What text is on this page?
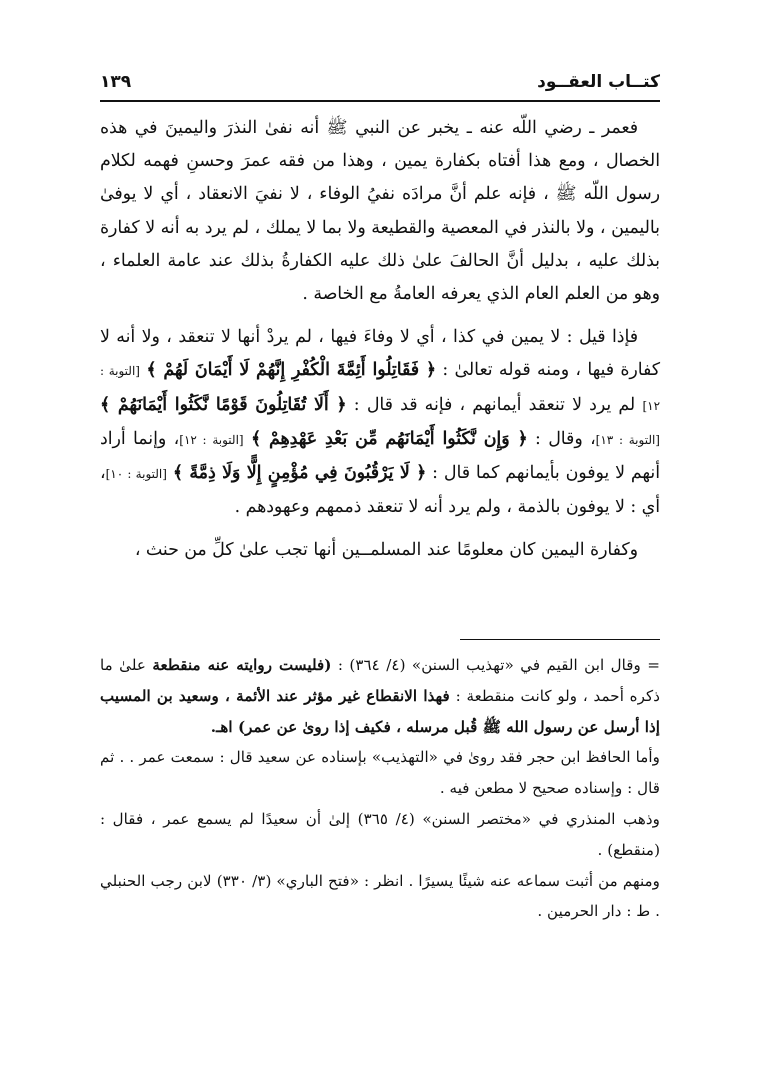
كتــاب العقــود
١٣٩

فعمر ـ رضي اللّه عنه ـ يخبر عن النبي ﷺ أنه نفىٰ النذرَ واليمينَ في هذه الخصال ، ومع هذا أفتاه بكفارة يمين ، وهذا من فقه عمرَ وحسنِ فهمه لكلام رسول اللّه ﷺ ، فإنه علم أنَّ مرادَه نفيُ الوفاء ، لا نفيَ الانعقاد ، أي لا يوفىٰ باليمين ، ولا بالنذر في المعصية والقطيعة ولا بما لا يملك ، لم يرد به أنه لا كفارة بذلك عليه ، بدليل أنَّ الحالفَ علىٰ ذلك عليه الكفارةُ بذلك عند عامة العلماء ، وهو من العلم العام الذي يعرفه العامةُ مع الخاصة .

فإذا قيل : لا يمين في كذا ، أي لا وفاءَ فيها ، لم يردْ أنها لا تنعقد ، ولا أنه لا كفارة فيها ، ومنه قوله تعالىٰ : ﴿ فَقَاتِلُوا أَئِمَّةَ الْكُفْرِ إِنَّهُمْ لَا أَيْمَانَ لَهُمْ ﴾ [التوبة : ١٢] لم يرد لا تنعقد أيمانهم ، فإنه قد قال : ﴿ أَلَا تُقَاتِلُونَ قَوْمًا نَّكَثُوا أَيْمَانَهُمْ ﴾ [التوبة : ١٣]، وقال : ﴿ وَإِن نَّكَثُوا أَيْمَانَهُم مِّن بَعْدِ عَهْدِهِمْ ﴾ [التوبة : ١٢]، وإنما أراد أنهم لا يوفون بأيمانهم كما قال : ﴿ لَا يَرْقُبُونَ فِي مُؤْمِنٍ إِلًّا وَلَا ذِمَّةً ﴾ [التوبة : ١٠]، أي : لا يوفون بالذمة ، ولم يرد أنه لا تنعقد ذممهم وعهودهم .

وكفارة اليمين كان معلومًا عند المسلمــين أنها تجب علىٰ كلِّ من حنث ،

= وقال ابن القيم في «تهذيب السنن» (٤/ ٣٦٤) : (فليست روايته عنه منقطعة علىٰ ما ذكره أحمد ، ولو كانت منقطعة : فهذا الانقطاع غير مؤثر عند الأئمة ، وسعيد بن المسيب إذا أرسل عن رسول الله ﷺ قُبل مرسله ، فكيف إذا روىٰ عن عمر) اهـ.

وأما الحافظ ابن حجر فقد روىٰ في «التهذيب» بإسناده عن سعيد قال : سمعت عمر . . ثم قال : وإسناده صحيح لا مطعن فيه .

وذهب المنذري في «مختصر السنن» (٤/ ٣٦٥) إلىٰ أن سعيدًا لم يسمع عمر ، فقال : (منقطع) .

ومنهم من أثبت سماعه عنه شيئًا يسيرًا . انظر : «فتح الباري» (٣/ ٣٣٠) لابن رجب الحنبلي . ط : دار الحرمين .
